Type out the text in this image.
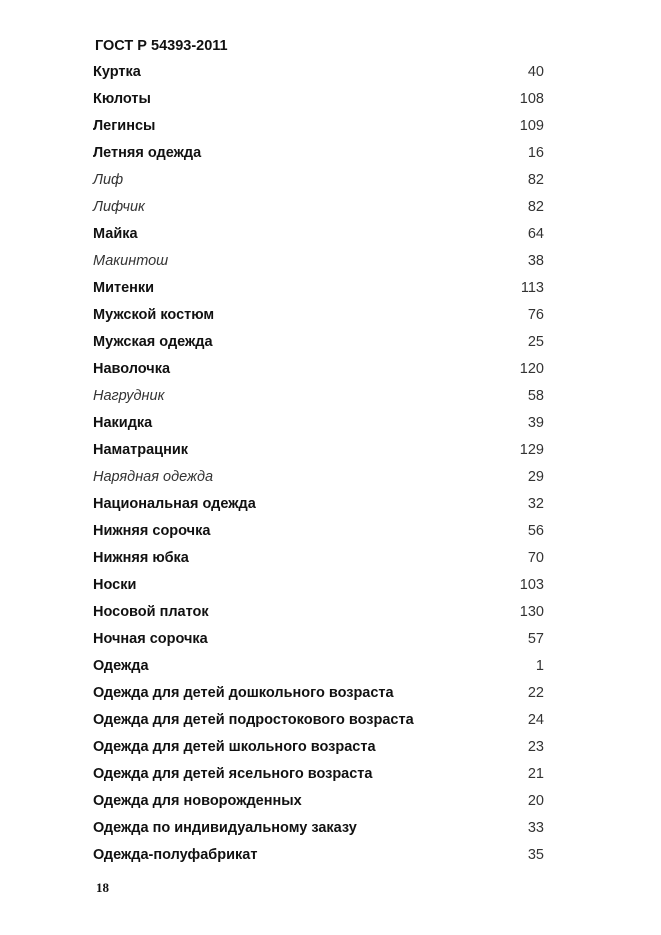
ГОСТ Р 54393-2011
Куртка	40
Кюлоты	108
Легинсы	109
Летняя одежда	16
Лиф	82
Лифчик	82
Майка	64
Макинтош	38
Митенки	113
Мужской костюм	76
Мужская одежда	25
Наволочка	120
Нагрудник	58
Накидка	39
Наматрацник	129
Нарядная одежда	29
Национальная одежда	32
Нижняя сорочка	56
Нижняя юбка	70
Носки	103
Носовой платок	130
Ночная сорочка	57
Одежда	1
Одежда для детей дошкольного возраста	22
Одежда для детей подростокового возраста	24
Одежда для детей школьного возраста	23
Одежда для детей ясельного возраста	21
Одежда для новорожденных	20
Одежда по индивидуальному заказу	33
Одежда-полуфабрикат	35
18
